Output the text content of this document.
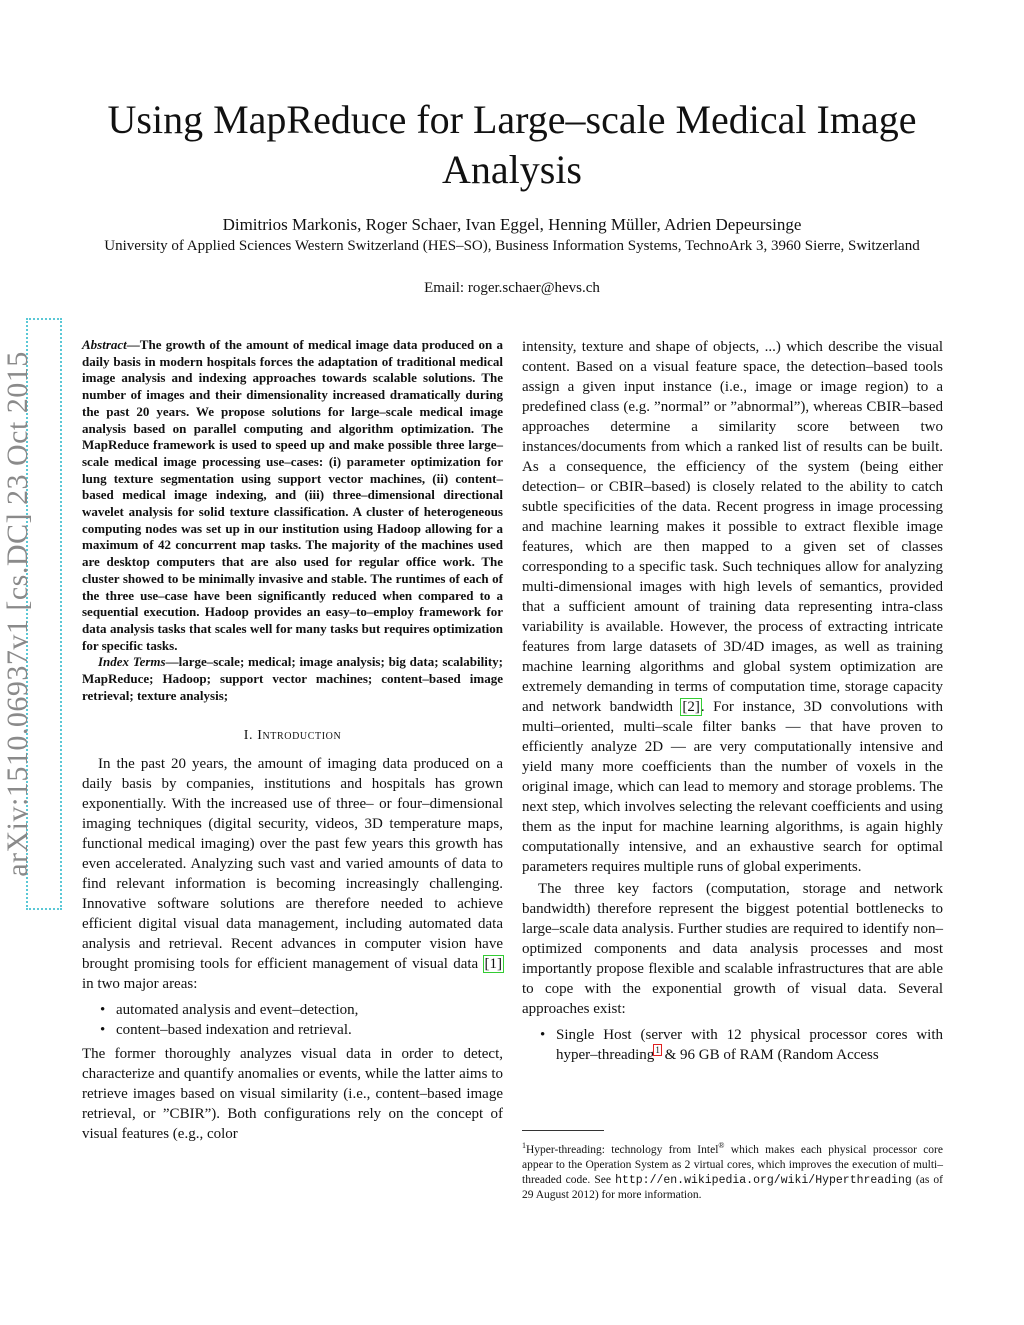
arXiv:1510.06937v1 [cs.DC] 23 Oct 2015
Using MapReduce for Large–scale Medical Image Analysis
Dimitrios Markonis, Roger Schaer, Ivan Eggel, Henning Müller, Adrien Depeursinge
University of Applied Sciences Western Switzerland (HES–SO), Business Information Systems, TechnoArk 3, 3960 Sierre, Switzerland
Email: roger.schaer@hevs.ch

Abstract—The growth of the amount of medical image data produced on a daily basis in modern hospitals forces the adaptation of traditional medical image analysis and indexing approaches towards scalable solutions. The number of images and their dimensionality increased dramatically during the past 20 years. We propose solutions for large–scale medical image analysis based on parallel computing and algorithm optimization. The MapReduce framework is used to speed up and make possible three large–scale medical image processing use–cases: (i) parameter optimization for lung texture segmentation using support vector machines, (ii) content–based medical image indexing, and (iii) three–dimensional directional wavelet analysis for solid texture classification. A cluster of heterogeneous computing nodes was set up in our institution using Hadoop allowing for a maximum of 42 concurrent map tasks. The majority of the machines used are desktop computers that are also used for regular office work. The cluster showed to be minimally invasive and stable. The runtimes of each of the three use–case have been significantly reduced when compared to a sequential execution. Hadoop provides an easy–to–employ framework for data analysis tasks that scales well for many tasks but requires optimization for specific tasks.

Index Terms—large–scale; medical; image analysis; big data; scalability; MapReduce; Hadoop; support vector machines; content–based image retrieval; texture analysis;

I. Introduction

In the past 20 years, the amount of imaging data produced on a daily basis by companies, institutions and hospitals has grown exponentially. With the increased use of three– or four–dimensional imaging techniques (digital security, videos, 3D temperature maps, functional medical imaging) over the past few years this growth has even accelerated. Analyzing such vast and varied amounts of data to find relevant information is becoming increasingly challenging. Innovative software solutions are therefore needed to achieve efficient digital visual data management, including automated data analysis and retrieval. Recent advances in computer vision have brought promising tools for efficient management of visual data [1] in two major areas:

• automated analysis and event–detection,
• content–based indexation and retrieval.

The former thoroughly analyzes visual data in order to detect, characterize and quantify anomalies or events, while the latter aims to retrieve images based on visual similarity (i.e., content–based image retrieval, or ”CBIR”). Both configurations rely on the concept of visual features (e.g., color

intensity, texture and shape of objects, ...) which describe the visual content. Based on a visual feature space, the detection–based tools assign a given input instance (i.e., image or image region) to a predefined class (e.g. ”normal” or ”abnormal”), whereas CBIR–based approaches determine a similarity score between two instances/documents from which a ranked list of results can be built. As a consequence, the efficiency of the system (being either detection– or CBIR–based) is closely related to the ability to catch subtle specificities of the data. Recent progress in image processing and machine learning makes it possible to extract flexible image features, which are then mapped to a given set of classes corresponding to a specific task. Such techniques allow for analyzing multi-dimensional images with high levels of semantics, provided that a sufficient amount of training data representing intra-class variability is available. However, the process of extracting intricate features from large datasets of 3D/4D images, as well as training machine learning algorithms and global system optimization are extremely demanding in terms of computation time, storage capacity and network bandwidth [2]. For instance, 3D convolutions with multi–oriented, multi–scale filter banks — that have proven to efficiently analyze 2D — are very computationally intensive and yield many more coefficients than the number of voxels in the original image, which can lead to memory and storage problems. The next step, which involves selecting the relevant coefficients and using them as the input for machine learning algorithms, is again highly computationally intensive, and an exhaustive search for optimal parameters requires multiple runs of global experiments.

The three key factors (computation, storage and network bandwidth) therefore represent the biggest potential bottlenecks to large–scale data analysis. Further studies are required to identify non–optimized components and data analysis processes and most importantly propose flexible and scalable infrastructures that are able to cope with the exponential growth of visual data. Several approaches exist:

• Single Host (server with 12 physical processor cores with hyper–threading$^1$ & 96 GB of RAM (Random Access
$^1$Hyper-threading: technology from Intel® which makes each physical processor core appear to the Operation System as 2 virtual cores, which improves the execution of multi–threaded code. See http://en.wikipedia.org/wiki/Hyperthreading (as of 29 August 2012) for more information.
